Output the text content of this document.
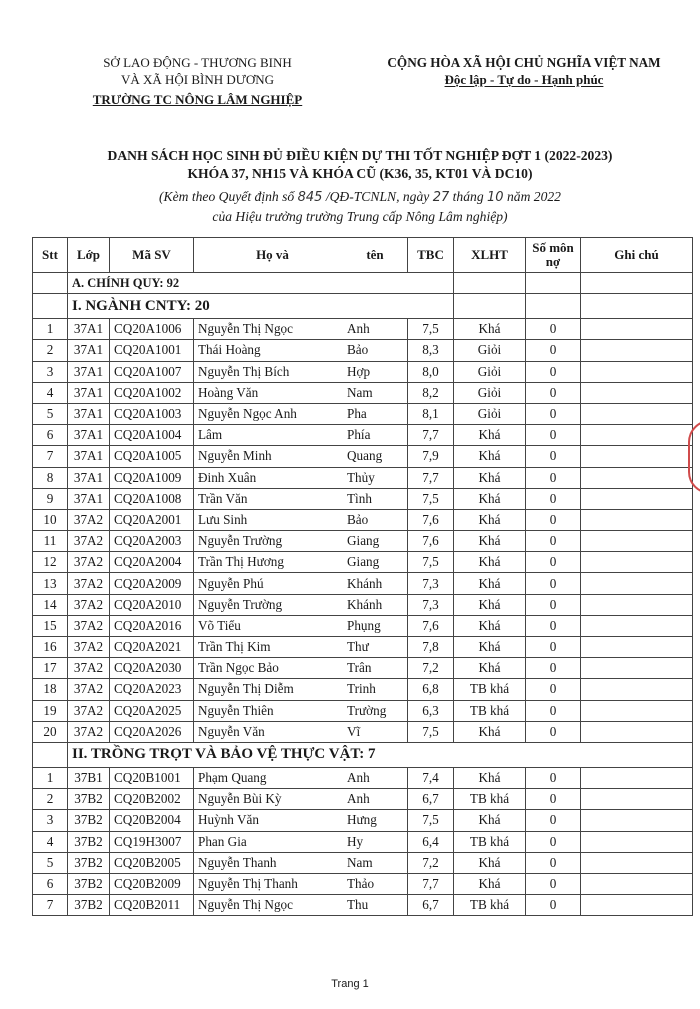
SỞ LAO ĐỘNG - THƯƠNG BINH
VÀ XÃ HỘI BÌNH DƯƠNG
TRƯỜNG TC NÔNG LÂM NGHIỆP
CỘNG HÒA XÃ HỘI CHỦ NGHĨA VIỆT NAM
Độc lập - Tự do - Hạnh phúc
DANH SÁCH HỌC SINH ĐỦ ĐIỀU KIỆN DỰ THI TỐT NGHIỆP ĐỢT 1 (2022-2023)
KHÓA 37, NH15 VÀ KHÓA CŨ (K36, 35, KT01 VÀ DC10)
(Kèm theo Quyết định số 845 /QĐ-TCNLN, ngày 27 tháng 10 năm 2022
của Hiệu trưởng trường Trung cấp Nông Lâm nghiệp)
Stt	Lớp	Mã SV	Họ và tên	TBC	XLHT	Số môn nợ	Ghi chú
	A. CHÍNH QUY: 92						
	I. NGÀNH CNTY: 20						
1	37A1	CQ20A1006	Nguyễn Thị Ngọc Anh	7,5	Khá	0	
2	37A1	CQ20A1001	Thái Hoàng Bảo	8,3	Giỏi	0	
3	37A1	CQ20A1007	Nguyễn Thị Bích Hợp	8,0	Giỏi	0	
4	37A1	CQ20A1002	Hoàng Văn Nam	8,2	Giỏi	0	
5	37A1	CQ20A1003	Nguyễn Ngọc Anh Pha	8,1	Giỏi	0	
6	37A1	CQ20A1004	Lâm Phía	7,7	Khá	0	
7	37A1	CQ20A1005	Nguyễn Minh Quang	7,9	Khá	0	
8	37A1	CQ20A1009	Đinh Xuân Thủy	7,7	Khá	0	
9	37A1	CQ20A1008	Trần Văn Tình	7,5	Khá	0	
10	37A2	CQ20A2001	Lưu Sinh Bảo	7,6	Khá	0	
11	37A2	CQ20A2003	Nguyễn Trường Giang	7,6	Khá	0	
12	37A2	CQ20A2004	Trần Thị Hương Giang	7,5	Khá	0	
13	37A2	CQ20A2009	Nguyễn Phú Khánh	7,3	Khá	0	
14	37A2	CQ20A2010	Nguyễn Trường Khánh	7,3	Khá	0	
15	37A2	CQ20A2016	Võ Tiểu Phụng	7,6	Khá	0	
16	37A2	CQ20A2021	Trần Thị Kim Thư	7,8	Khá	0	
17	37A2	CQ20A2030	Trần Ngọc Bảo Trân	7,2	Khá	0	
18	37A2	CQ20A2023	Nguyễn Thị Diễm Trinh	6,8	TB khá	0	
19	37A2	CQ20A2025	Nguyễn Thiên Trường	6,3	TB khá	0	
20	37A2	CQ20A2026	Nguyễn Văn Vĩ	7,5	Khá	0	
	II. TRỒNG TRỌT VÀ BẢO VỆ THỰC VẬT: 7						
1	37B1	CQ20B1001	Phạm Quang Anh	7,4	Khá	0	
2	37B2	CQ20B2002	Nguyễn Bùi Kỳ Anh	6,7	TB khá	0	
3	37B2	CQ20B2004	Huỳnh Văn Hưng	7,5	Khá	0	
4	37B2	CQ19H3007	Phan Gia Hy	6,4	TB khá	0	
5	37B2	CQ20B2005	Nguyễn Thanh Nam	7,2	Khá	0	
6	37B2	CQ20B2009	Nguyễn Thị Thanh Thảo	7,7	Khá	0	
7	37B2	CQ20B2011	Nguyễn Thị Ngọc Thu	6,7	TB khá	0	
Trang 1
